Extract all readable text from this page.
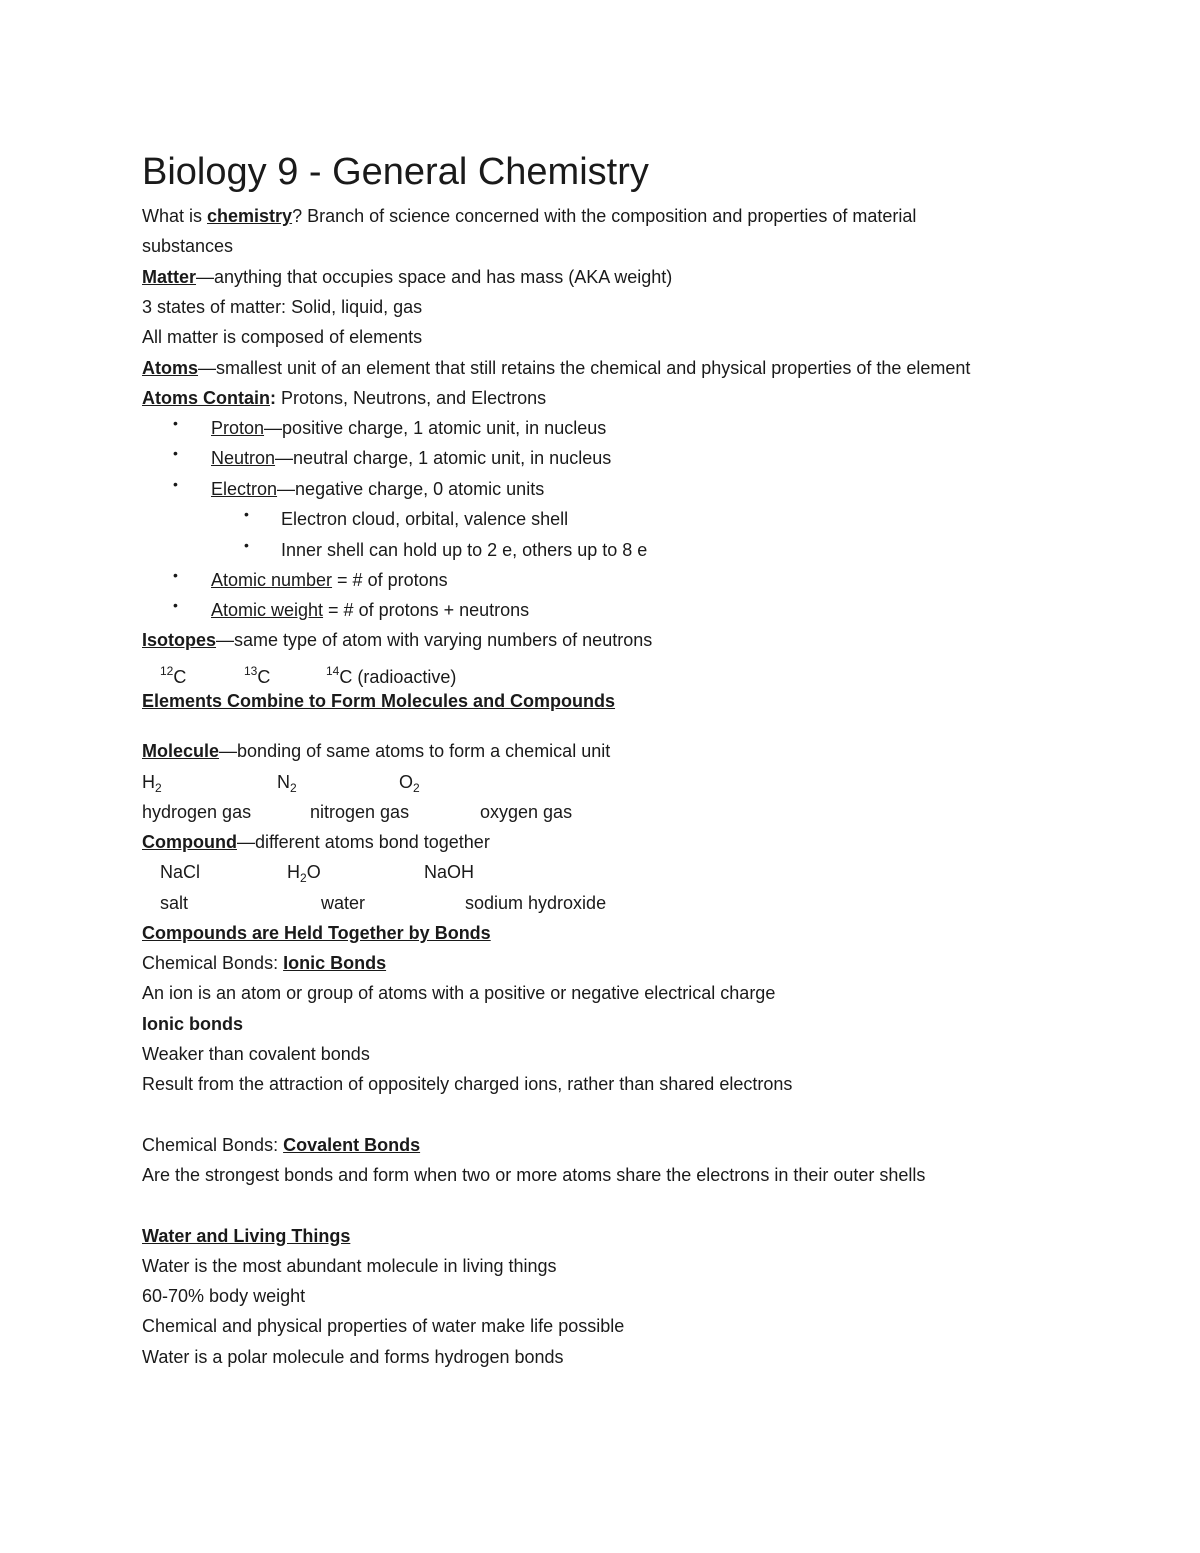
Biology 9 - General Chemistry
What is chemistry? Branch of science concerned with the composition and properties of material
substances
Matter—anything that occupies space and has mass (AKA weight)
3 states of matter: Solid, liquid, gas
All matter is composed of elements
Atoms—smallest unit of an element that still retains the chemical and physical properties of the element
Atoms Contain: Protons, Neutrons, and Electrons
• Proton—positive charge, 1 atomic unit, in nucleus
• Neutron—neutral charge, 1 atomic unit, in nucleus
• Electron—negative charge, 0 atomic units
• Electron cloud, orbital, valence shell
• Inner shell can hold up to 2 e, others up to 8 e
• Atomic number = # of protons
• Atomic weight = # of protons + neutrons
Isotopes—same type of atom with varying numbers of neutrons
$^{12}$C	$^{13}$C	$^{14}$C (radioactive)
Elements Combine to Form Molecules and Compounds
Molecule—bonding of same atoms to form a chemical unit
$H_2$	$N_2$	$O_2$
hydrogen gas	nitrogen gas	oxygen gas
Compound—different atoms bond together
NaCl	$H_2O$	NaOH
salt	water	sodium hydroxide
Compounds are Held Together by Bonds
Chemical Bonds: Ionic Bonds
An ion is an atom or group of atoms with a positive or negative electrical charge
Ionic bonds
Weaker than covalent bonds
Result from the attraction of oppositely charged ions, rather than shared electrons
Chemical Bonds: Covalent Bonds
Are the strongest bonds and form when two or more atoms share the electrons in their outer shells
Water and Living Things
Water is the most abundant molecule in living things
60-70% body weight
Chemical and physical properties of water make life possible
Water is a polar molecule and forms hydrogen bonds
